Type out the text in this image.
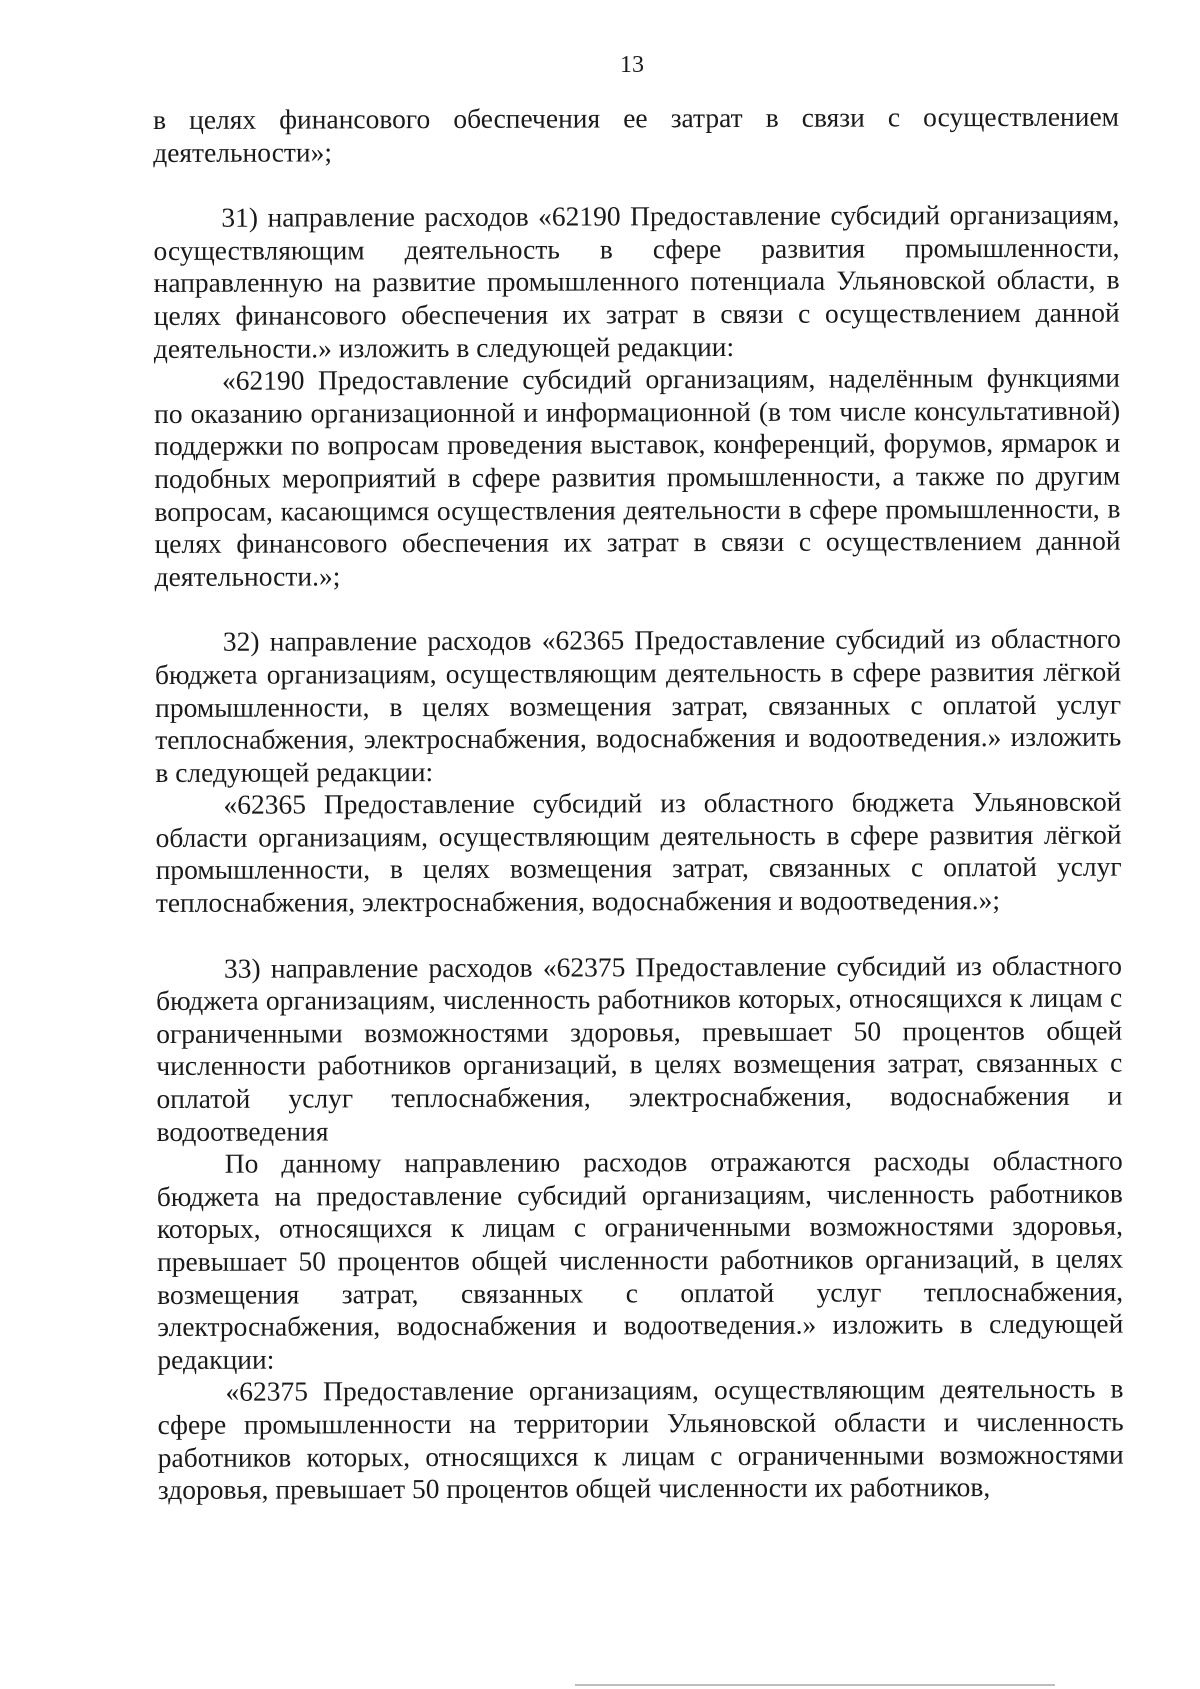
13

в целях финансового обеспечения ее затрат в связи с осуществлением деятельности»;

31) направление расходов «62190 Предоставление субсидий организациям, осуществляющим деятельность в сфере развития промышленности, направленную на развитие промышленного потенциала Ульяновской области, в целях финансового обеспечения их затрат в связи с осуществлением данной деятельности.» изложить в следующей редакции:

«62190 Предоставление субсидий организациям, наделённым функциями по оказанию организационной и информационной (в том числе консультативной) поддержки по вопросам проведения выставок, конференций, форумов, ярмарок и подобных мероприятий в сфере развития промышленности, а также по другим вопросам, касающимся осуществления деятельности в сфере промышленности, в целях финансового обеспечения их затрат в связи с осуществлением данной деятельности.»;

32) направление расходов «62365 Предоставление субсидий из областного бюджета организациям, осуществляющим деятельность в сфере развития лёгкой промышленности, в целях возмещения затрат, связанных с оплатой услуг теплоснабжения, электроснабжения, водоснабжения и водоотведения.» изложить в следующей редакции:

«62365 Предоставление субсидий из областного бюджета Ульяновской области организациям, осуществляющим деятельность в сфере развития лёгкой промышленности, в целях возмещения затрат, связанных с оплатой услуг теплоснабжения, электроснабжения, водоснабжения и водоотведения.»;

33) направление расходов «62375 Предоставление субсидий из областного бюджета организациям, численность работников которых, относящихся к лицам с ограниченными возможностями здоровья, превышает 50 процентов общей численности работников организаций, в целях возмещения затрат, связанных с оплатой услуг теплоснабжения, электроснабжения, водоснабжения и водоотведения

По данному направлению расходов отражаются расходы областного бюджета на предоставление субсидий организациям, численность работников которых, относящихся к лицам с ограниченными возможностями здоровья, превышает 50 процентов общей численности работников организаций, в целях возмещения затрат, связанных с оплатой услуг теплоснабжения, электроснабжения, водоснабжения и водоотведения.» изложить в следующей редакции:

«62375 Предоставление организациям, осуществляющим деятельность в сфере промышленности на территории Ульяновской области и численность работников которых, относящихся к лицам с ограниченными возможностями здоровья, превышает 50 процентов общей численности их работников,
